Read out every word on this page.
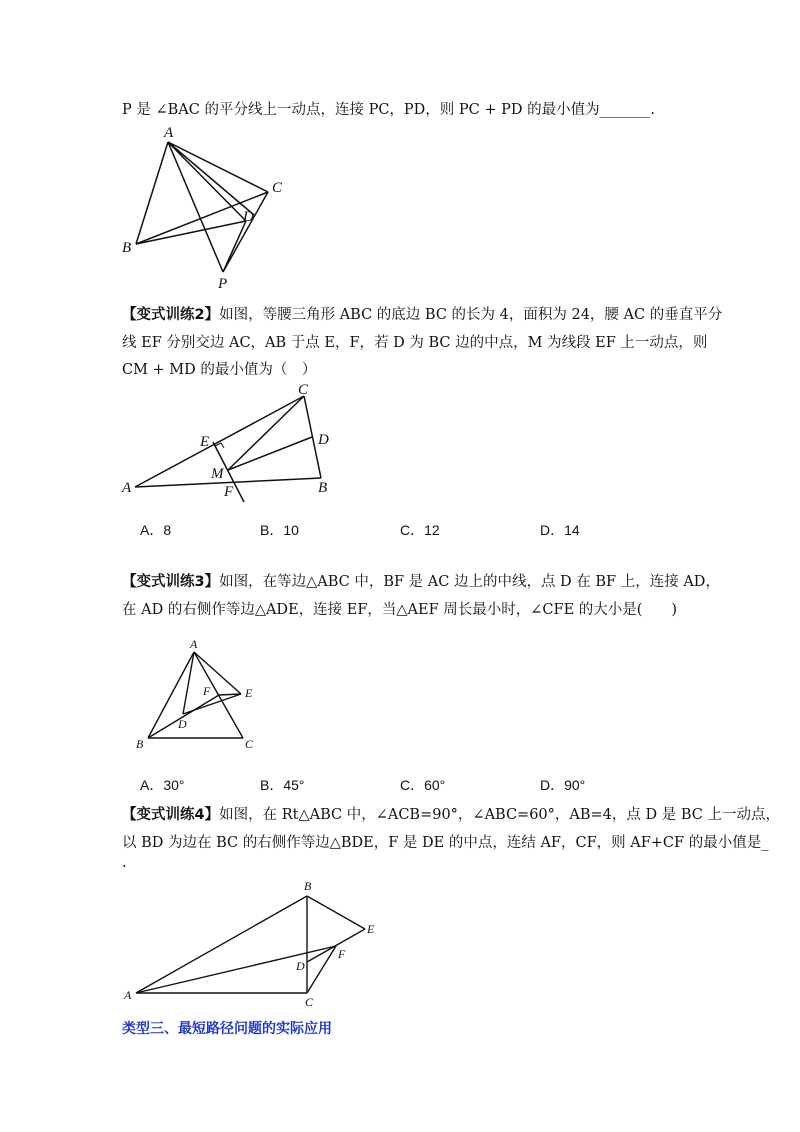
P 是 ∠BAC 的平分线上一动点，连接 PC，PD，则 PC + PD 的最小值为_______.
A
B
C
D
P
【变式训练2】如图，等腰三角形 ABC 的底边 BC 的长为 4，面积为 24，腰 AC 的垂直平分
线 EF 分别交边 AC，AB 于点 E，F，若 D 为 BC 边的中点，M 为线段 EF 上一动点，则
CM + MD 的最小值为（　）
A	B
C
D
E
F
M
A．8	B．10	C．12	D．14
【变式训练3】如图，在等边△ABC 中，BF 是 AC 边上的中线，点 D 在 BF 上，连接 AD，
在 AD 的右侧作等边△ADE，连接 EF，当△AEF 周长最小时，∠CFE 的大小是(　　)
A
B	C
D
E
F
A．30°	B．45°	C．60°	D．90°
【变式训练4】如图，在 Rt△ABC 中，∠ACB=90°，∠ABC=60°，AB=4，点 D 是 BC 上一动点，
以 BD 为边在 BC 的右侧作等边△BDE，F 是 DE 的中点，连结 AF，CF，则 AF+CF 的最小值是_
.
A
B
C
D
E
F
类型三、最短路径问题的实际应用
